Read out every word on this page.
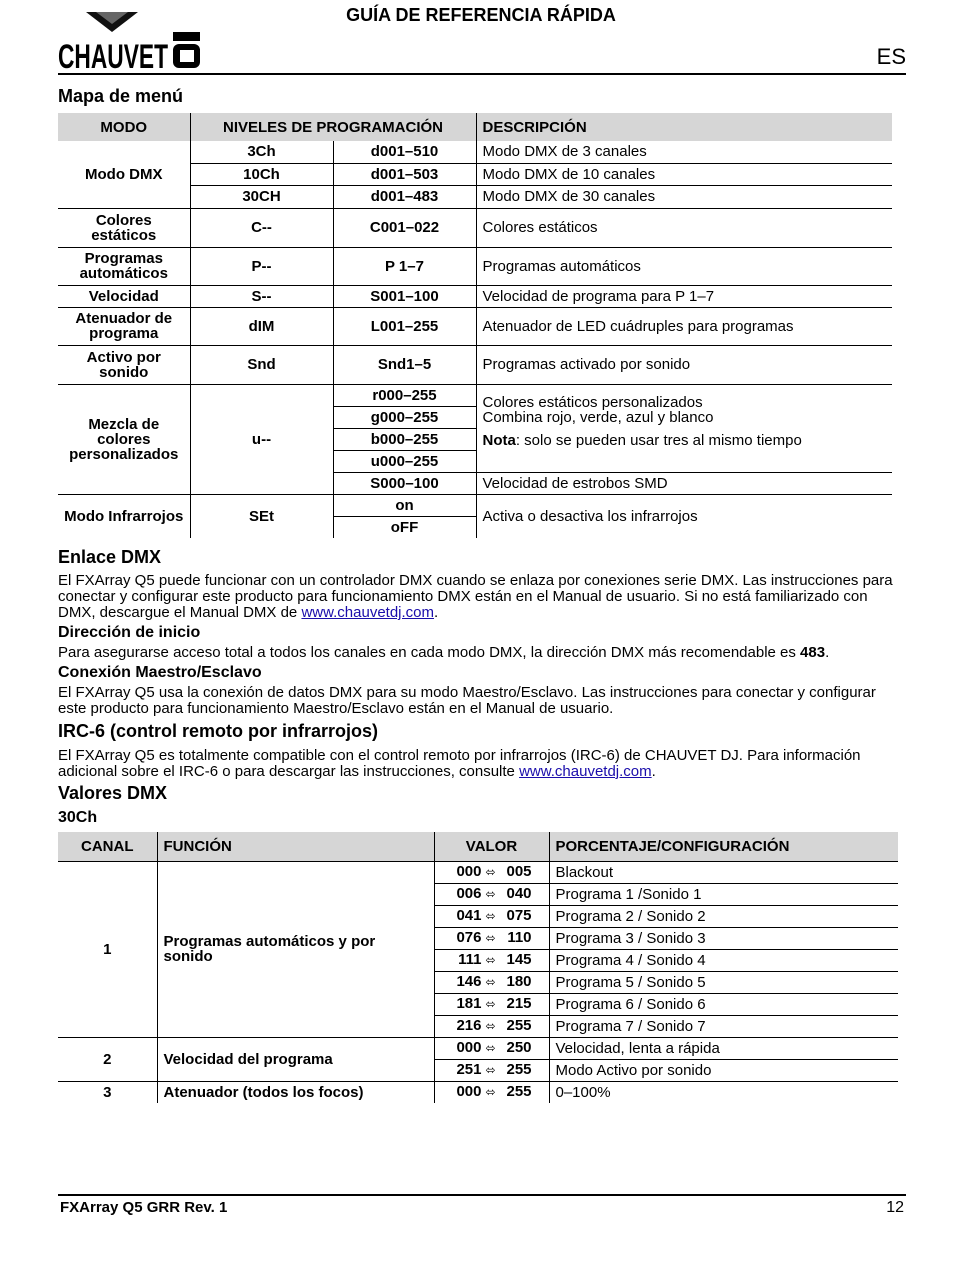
GUÍA DE REFERENCIA RÁPIDA
CHAUVET	ES
Mapa de menú
MODO	NIVELES DE PROGRAMACIÓN		DESCRIPCIÓN
Modo DMX	3Ch	d001–510	Modo DMX de 3 canales
	10Ch	d001–503	Modo DMX de 10 canales
	30CH	d001–483	Modo DMX de 30 canales
Colores estáticos	C--	C001–022	Colores estáticos
Programas automáticos	P--	P 1–7	Programas automáticos
Velocidad	S--	S001–100	Velocidad de programa para P 1–7
Atenuador de programa	dIM	L001–255	Atenuador de LED cuádruples para programas
Activo por sonido	Snd	Snd1–5	Programas activado por sonido
Mezcla de colores personalizados	u--	r000–255	Colores estáticos personalizados
Combina rojo, verde, azul y blanco
Nota: solo se pueden usar tres al mismo tiempo

		g000–255	
		b000–255	
		u000–255	
		S000–100	Velocidad de estrobos SMD
Modo Infrarrojos	SEt	on	Activa o desactiva los infrarrojos
		oFF	
Enlace DMX

El FXArray Q5 puede funcionar con un controlador DMX cuando se enlaza por conexiones serie DMX. Las instrucciones para conectar y configurar este producto para funcionamiento DMX están en el Manual de usuario. Si no está familiarizado con DMX, descargue el Manual DMX de www.chauvetdj.com.

Dirección de inicio

Para asegurarse acceso total a todos los canales en cada modo DMX, la dirección DMX más recomendable es 483.

Conexión Maestro/Esclavo

El FXArray Q5 usa la conexión de datos DMX para su modo Maestro/Esclavo. Las instrucciones para conectar y configurar este producto para funcionamiento Maestro/Esclavo están en el Manual de usuario.

IRC-6 (control remoto por infrarrojos)

El FXArray Q5 es totalmente compatible con el control remoto por infrarrojos (IRC-6) de CHAUVET DJ. Para información adicional sobre el IRC-6 o para descargar las instrucciones, consulte www.chauvetdj.com.

Valores DMX
30Ch
CANAL	FUNCIÓN	VALOR	PORCENTAJE/CONFIGURACIÓN
1	Programas automáticos y por sonido	000 ⬄ 005	Blackout
		006 ⬄ 040	Programa 1 /Sonido 1
		041 ⬄ 075	Programa 2 / Sonido 2
		076 ⬄ 110	Programa 3 / Sonido 3
		111 ⬄ 145	Programa 4 / Sonido 4
		146 ⬄ 180	Programa 5 / Sonido 5
		181 ⬄ 215	Programa 6 / Sonido 6
		216 ⬄ 255	Programa 7 / Sonido 7
2	Velocidad del programa	000 ⬄ 250	Velocidad, lenta a rápida
		251 ⬄ 255	Modo Activo por sonido
3	Atenuador (todos los focos)	000 ⬄ 255	0–100%
FXArray Q5 GRR Rev. 1	12
